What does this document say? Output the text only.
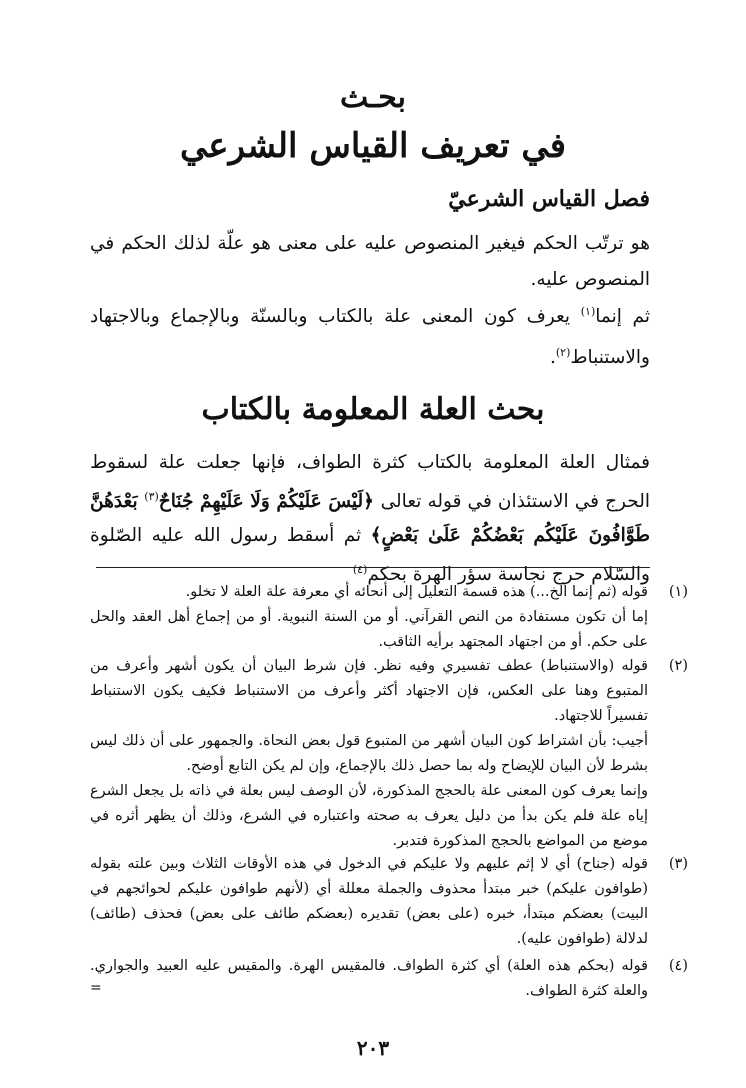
بحـث
في تعريف القياس الشرعي
فصل القياس الشرعيّ
هو ترتّب الحكم فيغير المنصوص عليه على معنى هو علّة لذلك الحكم في المنصوص عليه.
ثم إنما$^{(١)}$ يعرف كون المعنى علة بالكتاب وبالسنّة وبالإجماع وبالاجتهاد والاستنباط$^{(٢)}$.
بحث العلة المعلومة بالكتاب
فمثال العلة المعلومة بالكتاب كثرة الطواف، فإنها جعلت علة لسقوط الحرج في الاستئذان في قوله تعالى ﴿لَيْسَ عَلَيْكُمْ وَلَا عَلَيْهِمْ جُنَاحٌ$^{(٣)}$ بَعْدَهُنَّ طَوَّافُونَ عَلَيْكُم بَعْضُكُمْ عَلَىٰ بَعْضٍ﴾ ثم أسقط رسول الله عليه الصّلوة والسّلام حرج نجاسة سؤر الهرة بحكم$^{(٤)}$
(١)
قوله (ثم إنما الخ...) هذه قسمة التعليل إلى أنحائه أي معرفة علة العلة لا تخلو.
إما أن تكون مستفادة من النص القرآني. أو من السنة النبوية. أو من إجماع أهل العقد والحل على حكم. أو من اجتهاد المجتهد برأيه الثاقب.
(٢)
قوله (والاستنباط) عطف تفسيري وفيه نظر. فإن شرط البيان أن يكون أشهر وأعرف من المتبوع وهنا على العكس، فإن الاجتهاد أكثر وأعرف من الاستنباط فكيف يكون الاستنباط تفسيراً للاجتهاد.
أجيب: بأن اشتراط كون البيان أشهر من المتبوع قول بعض النحاة. والجمهور على أن ذلك ليس بشرط لأن البيان للإيضاح وله بما حصل ذلك بالإجماع، وإن لم يكن التابع أوضح.
وإنما يعرف كون المعنى علة بالحجج المذكورة، لأن الوصف ليس بعلة في ذاته بل يجعل الشرع إياه علة فلم يكن بدأ من دليل يعرف به صحته واعتباره في الشرع، وذلك أن يظهر أثره في موضع من المواضع بالحجج المذكورة فتدبر.
(٣)
قوله (جناح) أي لا إثم عليهم ولا عليكم في الدخول في هذه الأوقات الثلاث وبين علته بقوله (طوافون عليكم) خبر مبتدأ محذوف والجملة معللة أي (لأنهم طوافون عليكم لحوائجهم في البيت) بعضكم مبتدأ، خبره (على بعض) تقديره (بعضكم طائف على بعض) فحذف (طائف) لدلالة (طوافون عليه).
(٤)
قوله (بحكم هذه العلة) أي كثرة الطواف. فالمقيس الهرة. والمقيس عليه العبيد والجواري. والعلة كثرة الطواف.
=
٢٠٣
